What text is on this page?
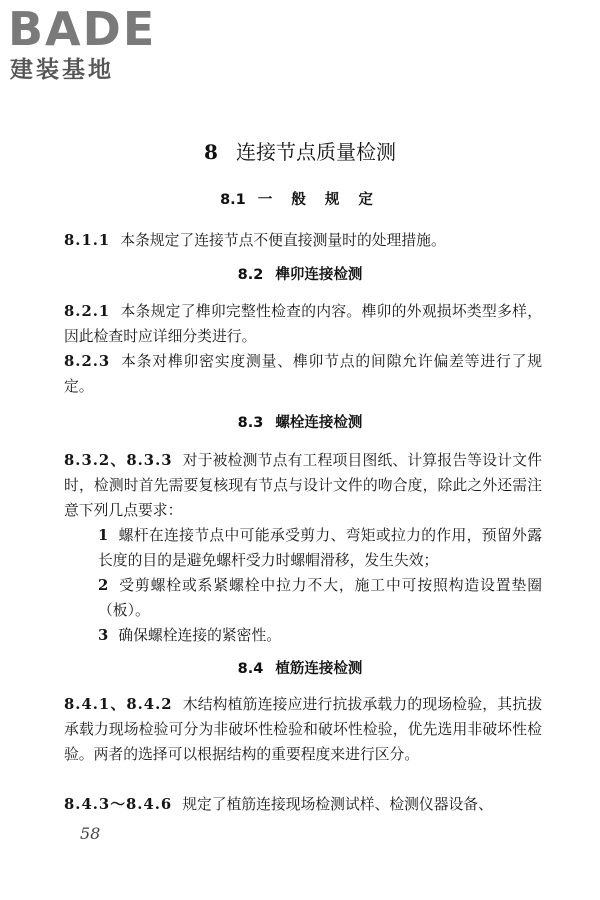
BADE
建装基地
8 连接节点质量检测
8.1 一 般 规 定
8.1.1 本条规定了连接节点不便直接测量时的处理措施。
8.2 榫卯连接检测
8.2.1 本条规定了榫卯完整性检查的内容。榫卯的外观损坏类型多样，因此检查时应详细分类进行。
8.2.3 本条对榫卯密实度测量、榫卯节点的间隙允许偏差等进行了规定。
8.3 螺栓连接检测
8.3.2、8.3.3 对于被检测节点有工程项目图纸、计算报告等设计文件时，检测时首先需要复核现有节点与设计文件的吻合度，除此之外还需注意下列几点要求：
1 螺杆在连接节点中可能承受剪力、弯矩或拉力的作用，预留外露长度的目的是避免螺杆受力时螺帽滑移，发生失效；
2 受剪螺栓或系紧螺栓中拉力不大，施工中可按照构造设置垫圈（板）。
3 确保螺栓连接的紧密性。
8.4 植筋连接检测
8.4.1、8.4.2 木结构植筋连接应进行抗拔承载力的现场检验，其抗拔承载力现场检验可分为非破坏性检验和破坏性检验，优先选用非破坏性检验。两者的选择可以根据结构的重要程度来进行区分。
8.4.3～8.4.6 规定了植筋连接现场检测试样、检测仪器设备、
58
